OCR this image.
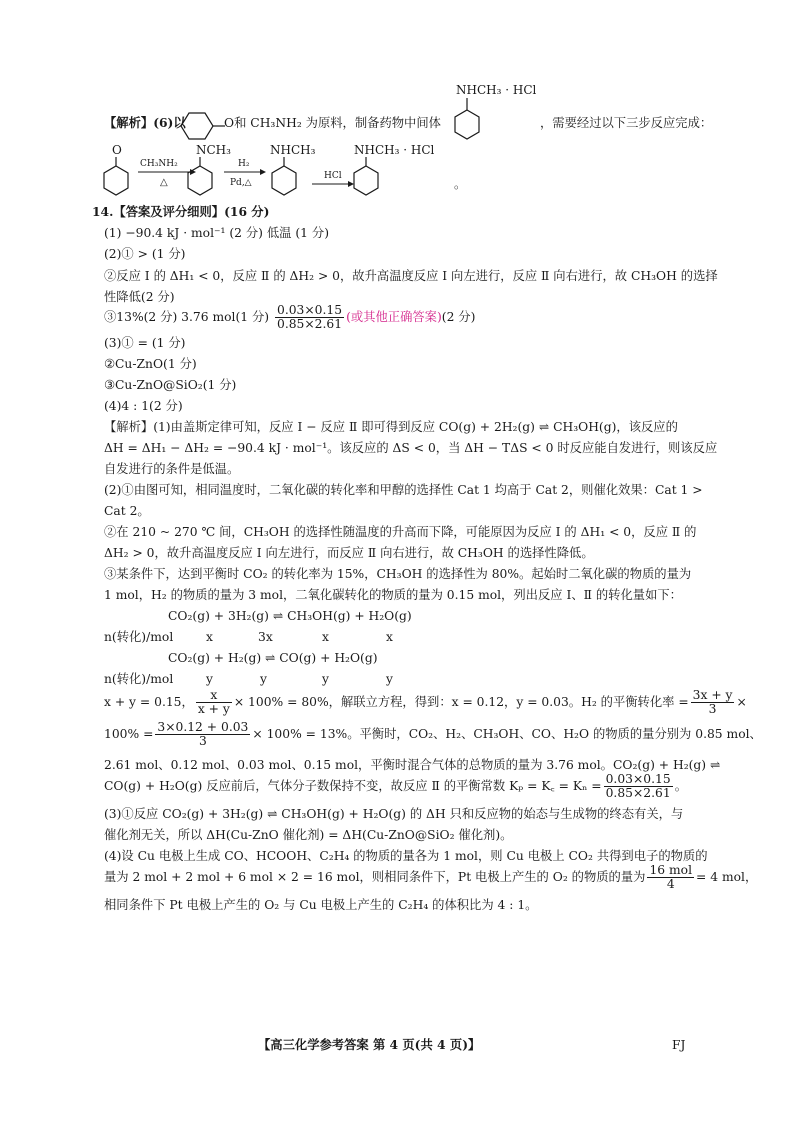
【解析】(6)以	O和 CH₃NH₂ 为原料，制备药物中间体
NHCH₃ · HCl
，需要经过以下三步反应完成：
O
CH₃NH₂
△
NCH₃
H₂
Pd,△
NHCH₃
HCl
NHCH₃ · HCl
。
14.【答案及评分细则】(16 分)
(1) −90.4 kJ · mol⁻¹ (2 分) 低温 (1 分)
(2)① > (1 分)
②反应 Ⅰ 的 ΔH₁ < 0，反应 Ⅱ 的 ΔH₂ > 0，故升高温度反应 Ⅰ 向左进行，反应 Ⅱ 向右进行，故 CH₃OH 的选择
性降低(2 分)
③13%(2 分) 3.76 mol(1 分) $\frac{0.03\times 0.15}{0.85\times 2.61}$ (或其他正确答案)(2 分)
(3)① = (1 分)
②Cu-ZnO(1 分)
③Cu-ZnO@SiO₂(1 分)
(4)4 : 1(2 分)
【解析】(1)由盖斯定律可知，反应 Ⅰ − 反应 Ⅱ 即可得到反应 CO(g) + 2H₂(g) ⇌ CH₃OH(g)，该反应的
ΔH = ΔH₁ − ΔH₂ = −90.4 kJ · mol⁻¹。该反应的 ΔS < 0，当 ΔH − TΔS < 0 时反应能自发进行，则该反应
自发进行的条件是低温。
(2)①由图可知，相同温度时，二氧化碳的转化率和甲醇的选择性 Cat 1 均高于 Cat 2，则催化效果：Cat 1 >
Cat 2。
②在 210 ~ 270 ℃ 间，CH₃OH 的选择性随温度的升高而下降，可能原因为反应 Ⅰ 的 ΔH₁ < 0，反应 Ⅱ 的
ΔH₂ > 0，故升高温度反应 Ⅰ 向左进行，而反应 Ⅱ 向右进行，故 CH₃OH 的选择性降低。
③某条件下，达到平衡时 CO₂ 的转化率为 15%，CH₃OH 的选择性为 80%。起始时二氧化碳的物质的量为
1 mol，H₂ 的物质的量为 3 mol，二氧化碳转化的物质的量为 0.15 mol，列出反应 Ⅰ、Ⅱ 的转化量如下：
CO₂(g) + 3H₂(g) ⇌ CH₃OH(g) + H₂O(g)
n(转化)/mol	x	3x	x	x
CO₂(g) + H₂(g) ⇌ CO(g) + H₂O(g)
n(转化)/mol	y	y	y	y
x + y = 0.15， $\frac{x}{x + y} \times 100\% = 80\%$，解联立方程，得到：x = 0.12，y = 0.03。H₂ 的平衡转化率 = $\frac{3x + y}{3}$ ×
$100\% = \frac{3\times 0.12 + 0.03}{3} \times 100\% = 13\%$。平衡时，CO₂、H₂、CH₃OH、CO、H₂O 的物质的量分别为 0.85 mol、
2.61 mol、0.12 mol、0.03 mol、0.15 mol，平衡时混合气体的总物质的量为 3.76 mol。CO₂(g) + H₂(g) ⇌
CO(g) + H₂O(g) 反应前后，气体分子数保持不变，故反应 Ⅱ 的平衡常数 Kₚ = K꜀ = $K_n = \frac{0.03\times 0.15}{0.85\times 2.61}$ 。
(3)①反应 CO₂(g) + 3H₂(g) ⇌ CH₃OH(g) + H₂O(g) 的 ΔH 只和反应物的始态与生成物的终态有关，与
催化剂无关，所以 ΔH(Cu-ZnO 催化剂) = ΔH(Cu-ZnO@SiO₂ 催化剂)。
(4)设 Cu 电极上生成 CO、HCOOH、C₂H₄ 的物质的量各为 1 mol，则 Cu 电极上 CO₂ 共得到电子的物质的
量为 2 mol + 2 mol + 6 mol × 2 = 16 mol，则相同条件下，Pt 电极上产生的 O₂ 的物质的量为 $\frac{\text{16 mol}}{4} = 4$ mol，
相同条件下 Pt 电极上产生的 O₂ 与 Cu 电极上产生的 C₂H₄ 的体积比为 4 : 1。
【高三化学参考答案 第 4 页(共 4 页)】	FJ
